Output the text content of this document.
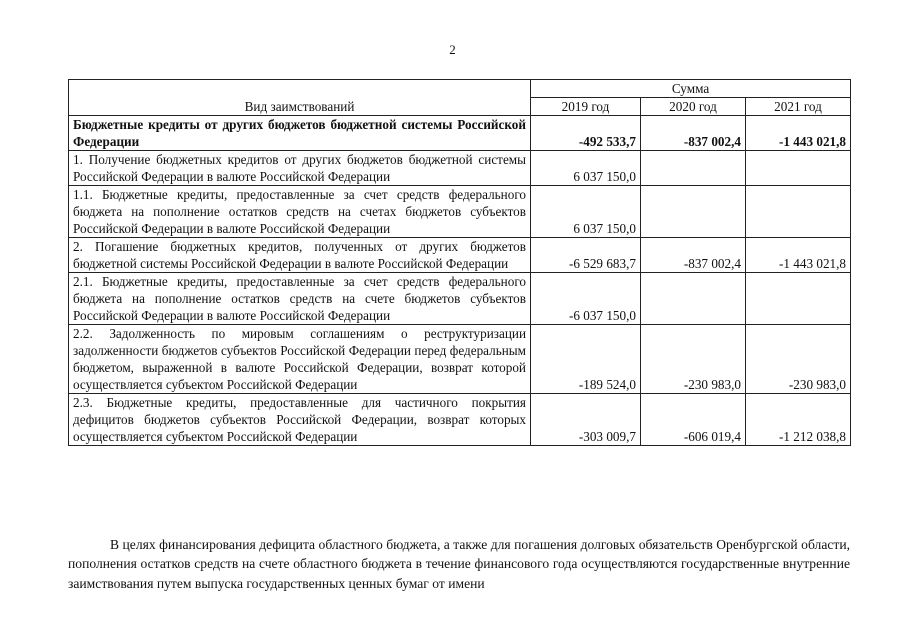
2
Вид заимствований	Сумма		
	2019 год	2020 год	2021 год
Бюджетные кредиты от других бюджетов бюджетной системы Российской Федерации	-492 533,7	-837 002,4	-1 443 021,8
1. Получение бюджетных кредитов от других бюджетов бюджетной системы Российской Федерации в валюте Российской Федерации	6 037 150,0		
1.1. Бюджетные кредиты, предоставленные за счет средств федерального бюджета на пополнение остатков средств на счетах бюджетов субъектов Российской Федерации в валюте Российской Федерации	6 037 150,0		
2. Погашение бюджетных кредитов, полученных от других бюджетов бюджетной системы Российской Федерации в валюте Российской Федерации	-6 529 683,7	-837 002,4	-1 443 021,8
2.1. Бюджетные кредиты, предоставленные за счет средств федерального бюджета на пополнение остатков средств на счете бюджетов субъектов Российской Федерации в валюте Российской Федерации	-6 037 150,0		
2.2. Задолженность по мировым соглашениям о реструктуризации задолженности бюджетов субъектов Российской Федерации перед федеральным бюджетом, выраженной в валюте Российской Федерации, возврат которой осуществляется субъектом Российской Федерации	-189 524,0	-230 983,0	-230 983,0
2.3. Бюджетные кредиты, предоставленные для частичного покрытия дефицитов бюджетов субъектов Российской Федерации, возврат которых осуществляется субъектом Российской Федерации	-303 009,7	-606 019,4	-1 212 038,8

В целях финансирования дефицита областного бюджета, а также для погашения долговых обязательств Оренбургской области, пополнения остатков средств на счете областного бюджета в течение финансового года осуществляются государственные внутренние заимствования путем выпуска государственных ценных бумаг от имени
